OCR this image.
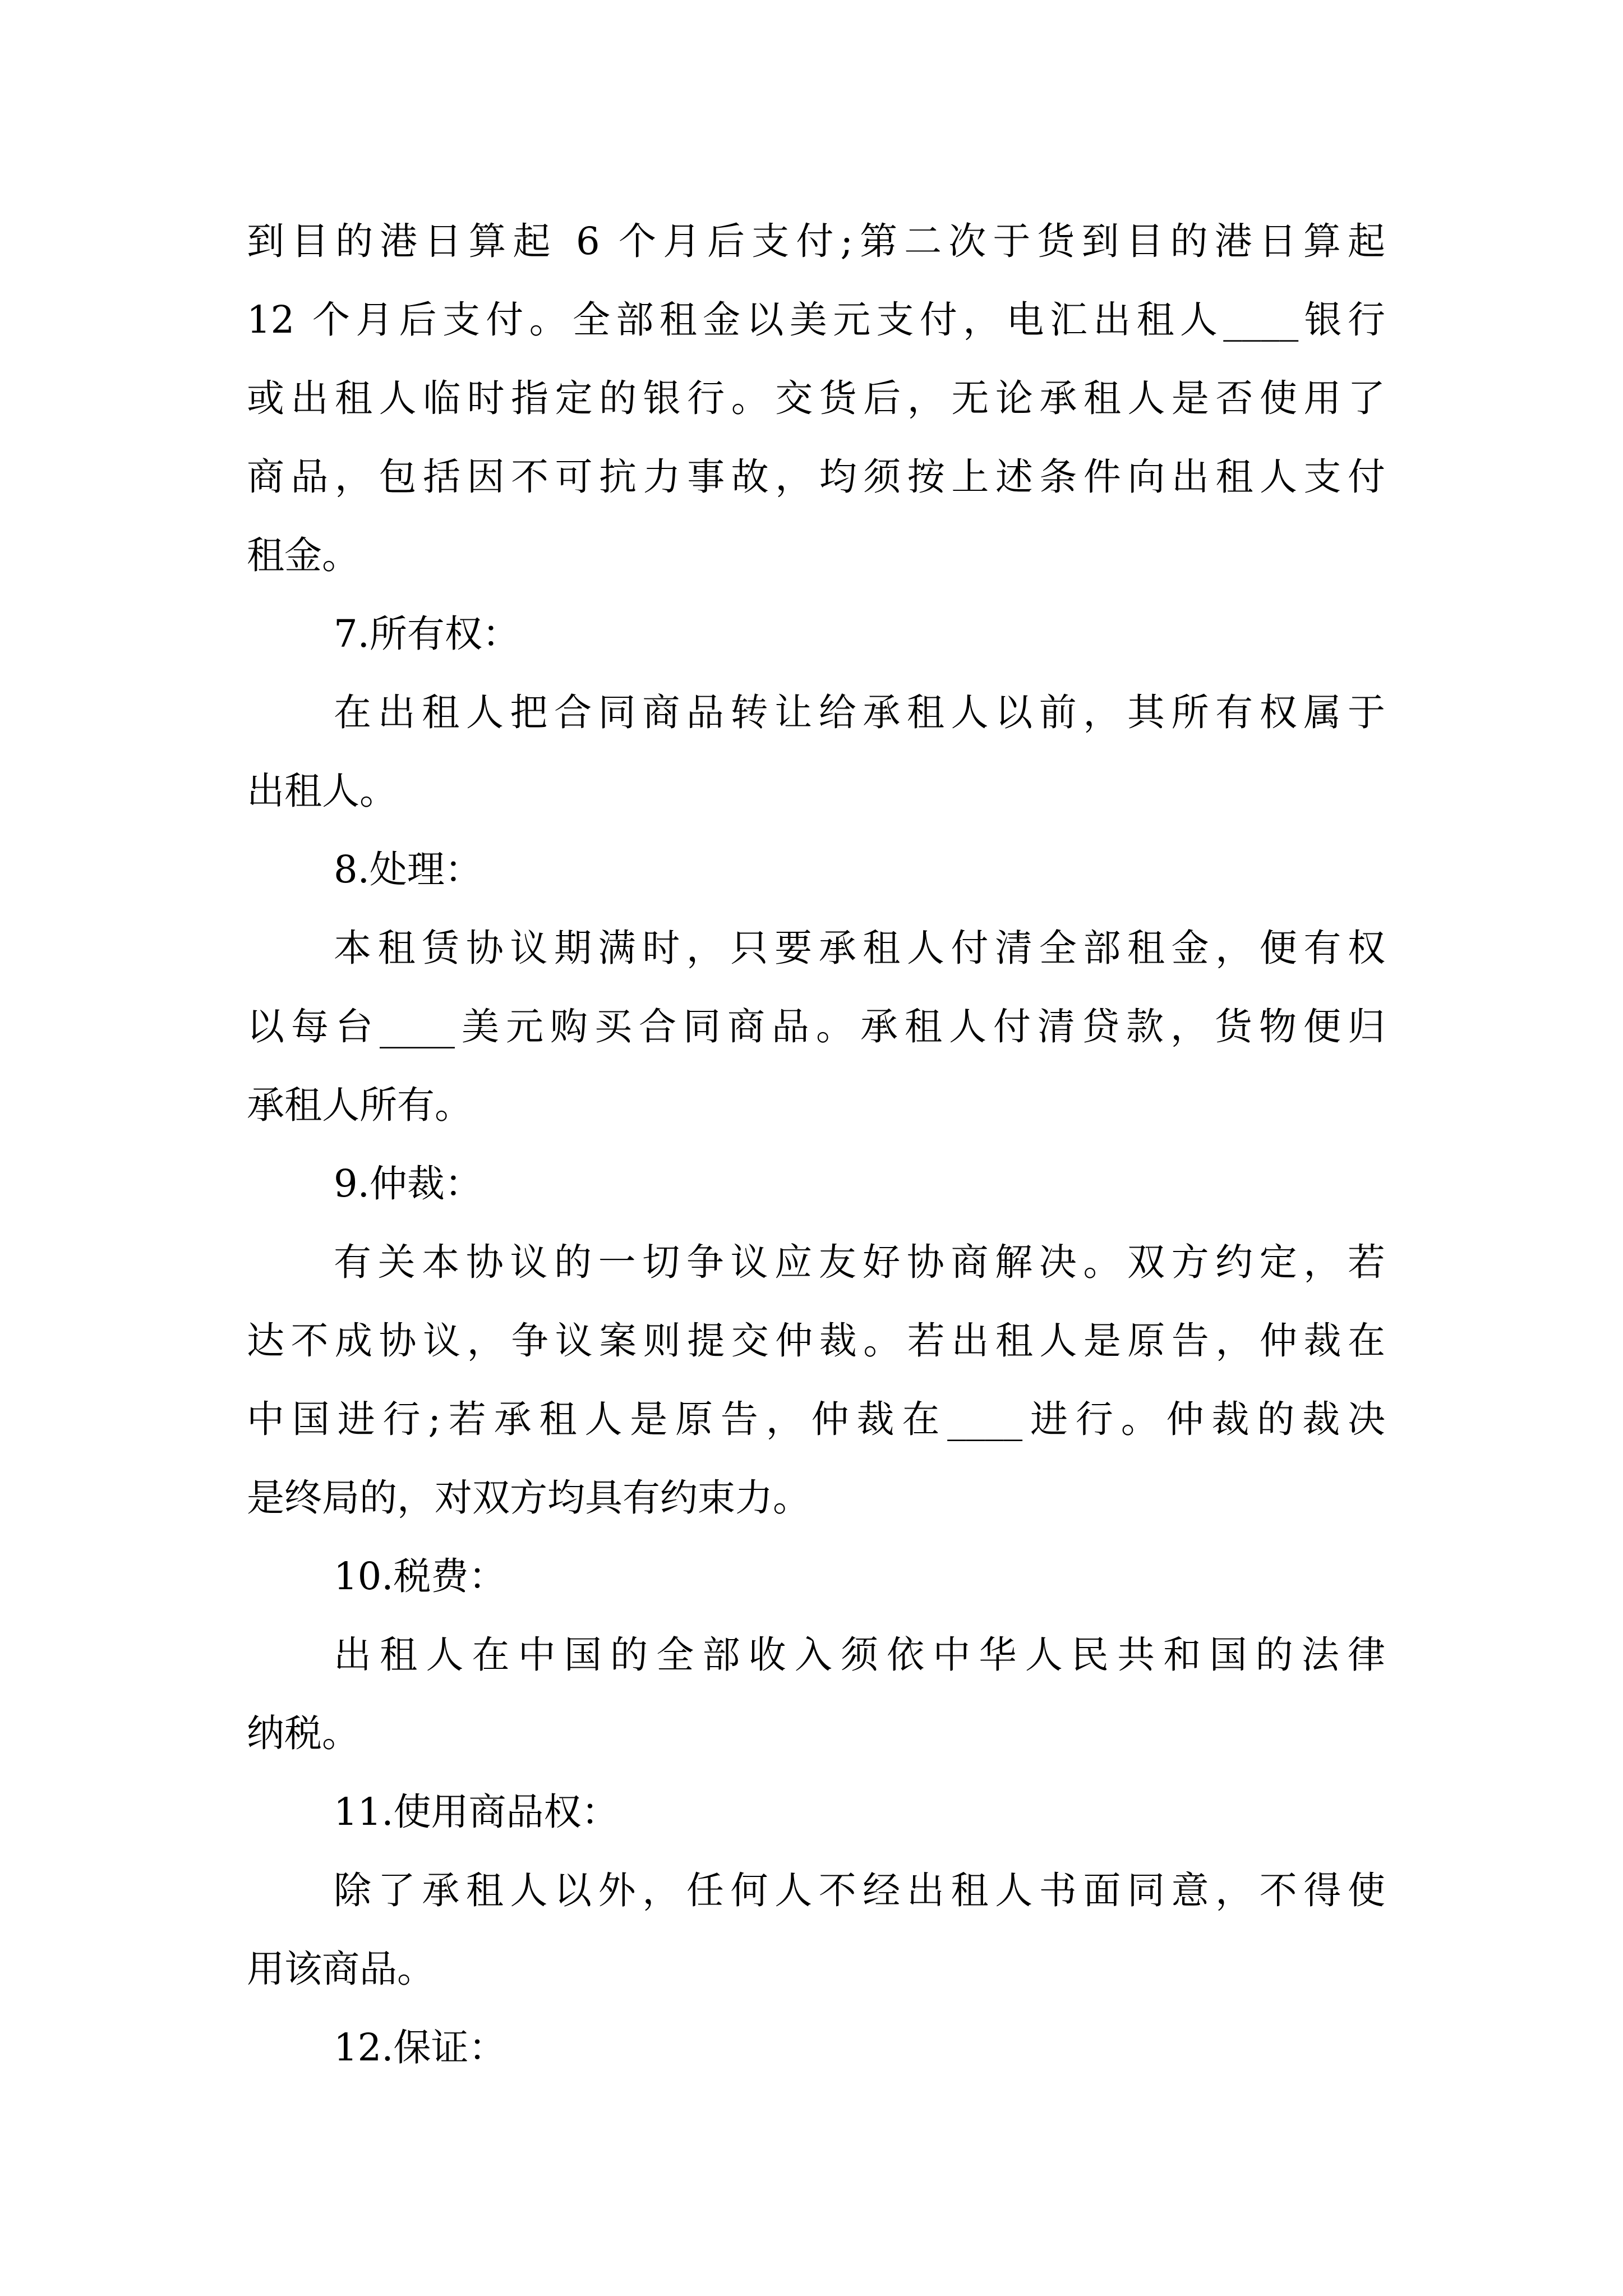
到目的港日算起 6 个月后支付;第二次于货到目的港日算起
12 个月后支付。全部租金以美元支付，电汇出租人____银行
或出租人临时指定的银行。交货后，无论承租人是否使用了
商品，包括因不可抗力事故，均须按上述条件向出租人支付
租金。
7.所有权：
在出租人把合同商品转让给承租人以前，其所有权属于
出租人。
8.处理：
本租赁协议期满时，只要承租人付清全部租金，便有权
以每台____美元购买合同商品。承租人付清贷款，货物便归
承租人所有。
9.仲裁：
有关本协议的一切争议应友好协商解决。双方约定，若
达不成协议，争议案则提交仲裁。若出租人是原告，仲裁在
中国进行;若承租人是原告，仲裁在____进行。仲裁的裁决
是终局的，对双方均具有约束力。
10.税费：
出租人在中国的全部收入须依中华人民共和国的法律
纳税。
11.使用商品权：
除了承租人以外，任何人不经出租人书面同意，不得使
用该商品。
12.保证：
